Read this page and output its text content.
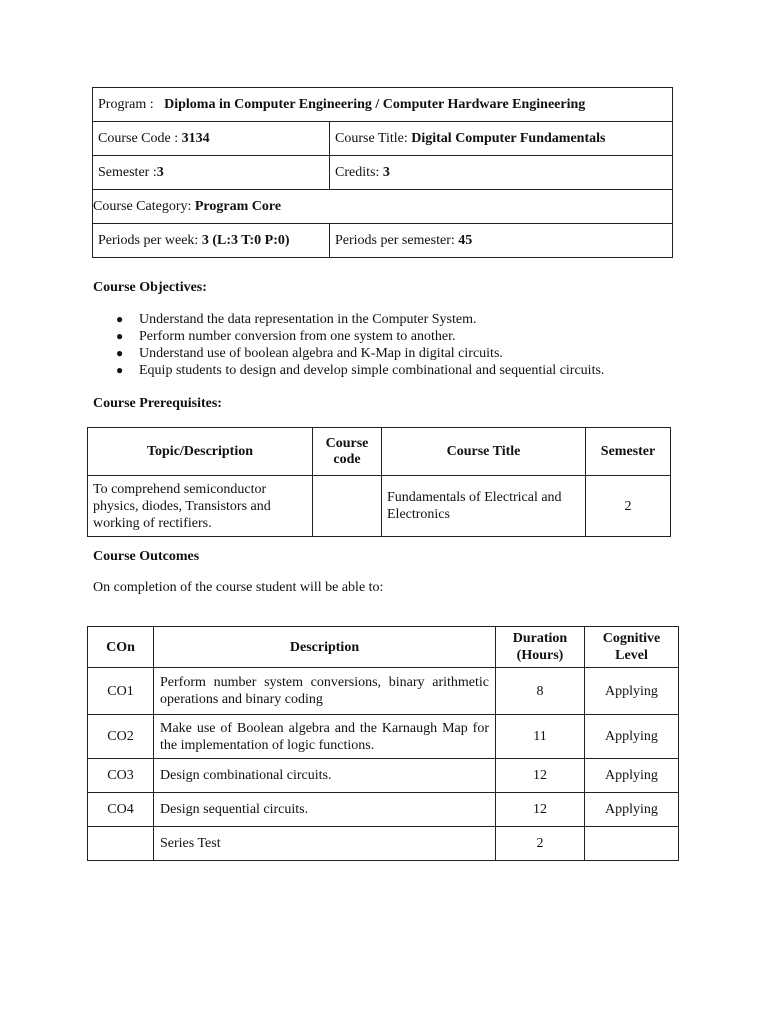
Program : Diploma in Computer Engineering / Computer Hardware Engineering	
Course Code : 3134	Course Title: Digital Computer Fundamentals
Semester :3	Credits: 3
Course Category: Program Core	
Periods per week: 3 (L:3 T:0 P:0)	Periods per semester: 45
Course Objectives:
● Understand the data representation in the Computer System.
● Perform number conversion from one system to another.
● Understand use of boolean algebra and K-Map in digital circuits.
● Equip students to design and develop simple combinational and sequential circuits.
Course Prerequisites:
Topic/Description	Course code	Course Title	Semester
To comprehend semiconductor physics, diodes, Transistors and working of rectifiers.		Fundamentals of Electrical and Electronics	2
Course Outcomes
On completion of the course student will be able to:
COn	Description	Duration (Hours)	Cognitive Level
CO1	Perform number system conversions, binary arithmetic operations and binary coding	8	Applying
CO2	Make use of Boolean algebra and the Karnaugh Map for the implementation of logic functions.	11	Applying
CO3	Design combinational circuits.	12	Applying
CO4	Design sequential circuits.	12	Applying
	Series Test	2	
